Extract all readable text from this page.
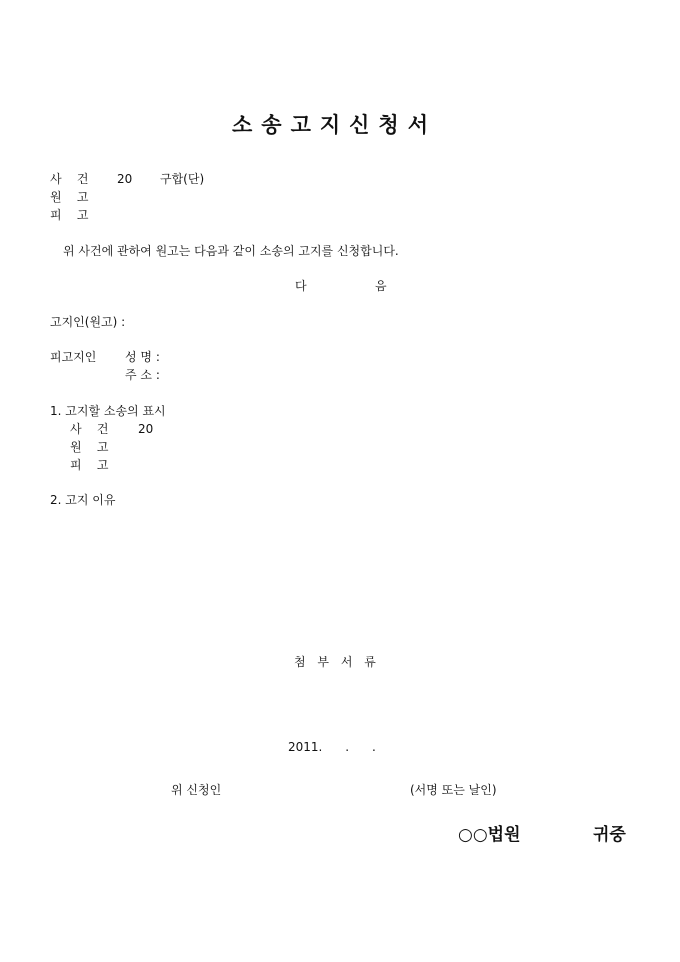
소송고지신청서
사    건 20 구합(단)
원    고
피    고
위 사건에 관하여 원고는 다음과 같이 소송의 고지를 신청합니다.
다	음
고지인(원고) :
피고지인 성 명 :
주 소 :
1. 고지할 소송의 표시
사    건 20
원    고
피    고
2. 고지 이유
첨 부 서 류
2011.      .      .
위 신청인	(서명 또는 날인)
○○법원	귀중
